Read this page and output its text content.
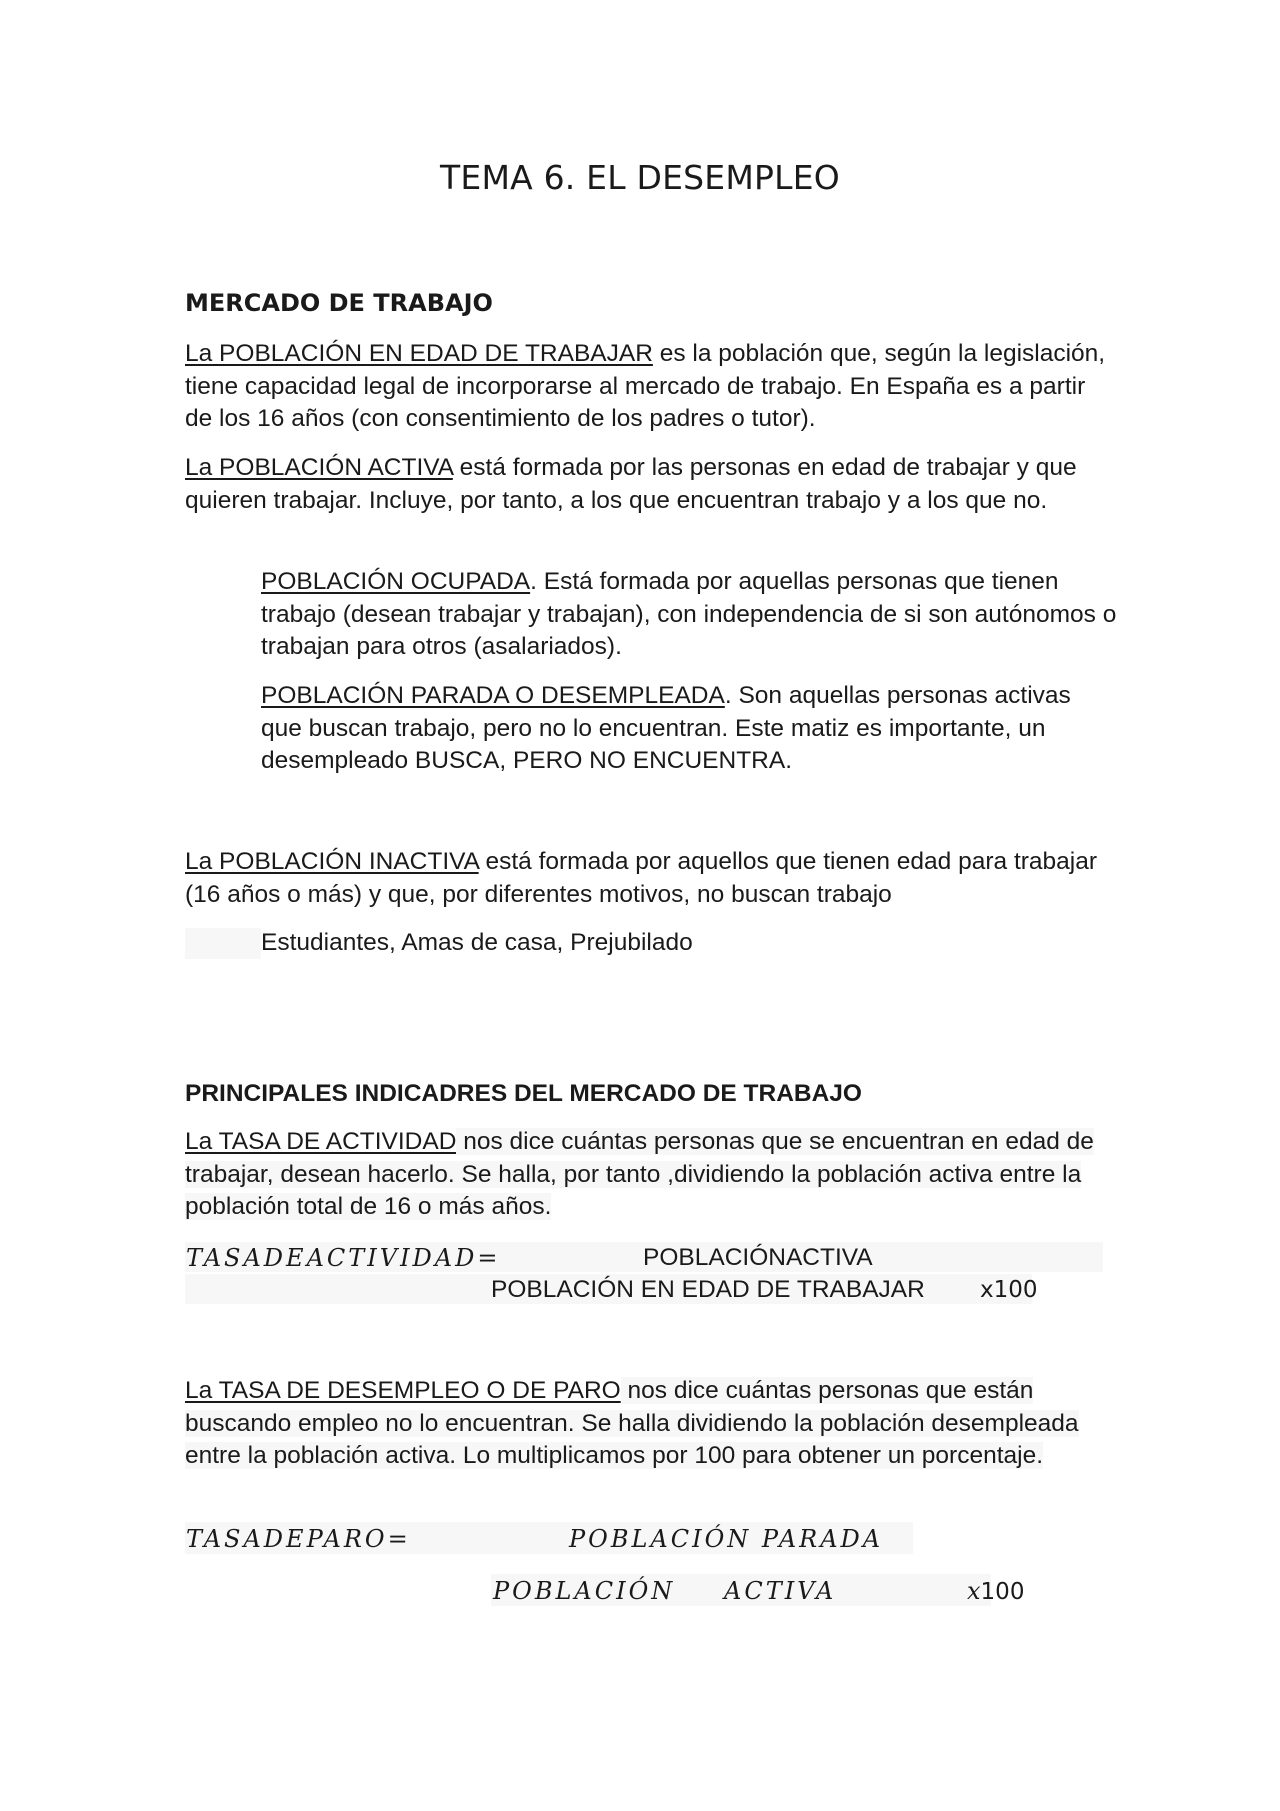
TEMA 6. EL DESEMPLEO
MERCADO DE TRABAJO

La POBLACIÓN EN EDAD DE TRABAJAR es la población que, según la legislación, tiene capacidad legal de incorporarse al mercado de trabajo. En España es a partir de los 16 años (con consentimiento de los padres o tutor).

La POBLACIÓN ACTIVA está formada por las personas en edad de trabajar y que quieren trabajar. Incluye, por tanto, a los que encuentran trabajo y a los que no.

POBLACIÓN OCUPADA. Está formada por aquellas personas que tienen trabajo (desean trabajar y trabajan), con independencia de si son autónomos o trabajan para otros (asalariados).

POBLACIÓN PARADA O DESEMPLEADA. Son aquellas personas activas que buscan trabajo, pero no lo encuentran. Este matiz es importante, un desempleado BUSCA, PERO NO ENCUENTRA.

La POBLACIÓN INACTIVA está formada por aquellos que tienen edad para trabajar (16 años o más) y que, por diferentes motivos, no buscan trabajo

Estudiantes, Amas de casa, Prejubilado

PRINCIPALES INDICADRES DEL MERCADO DE TRABAJO

La TASA DE ACTIVIDAD nos dice cuántas personas que se encuentran en edad de trabajar, desean hacerlo. Se halla, por tanto ,dividiendo la población activa entre la población total de 16 o más años.

TASADEACTIVIDAD=	POBLACIÓNACTIVA
POBLACIÓN EN EDAD DE TRABAJAR x100

La TASA DE DESEMPLEO O DE PARO nos dice cuántas personas que están buscando empleo no lo encuentran. Se halla dividiendo la población desempleada entre la población activa. Lo multiplicamos por 100 para obtener un porcentaje.

TASADEPARO=	POBLACIÓN PARADA
POBLACIÓN ACTIVA	x100
